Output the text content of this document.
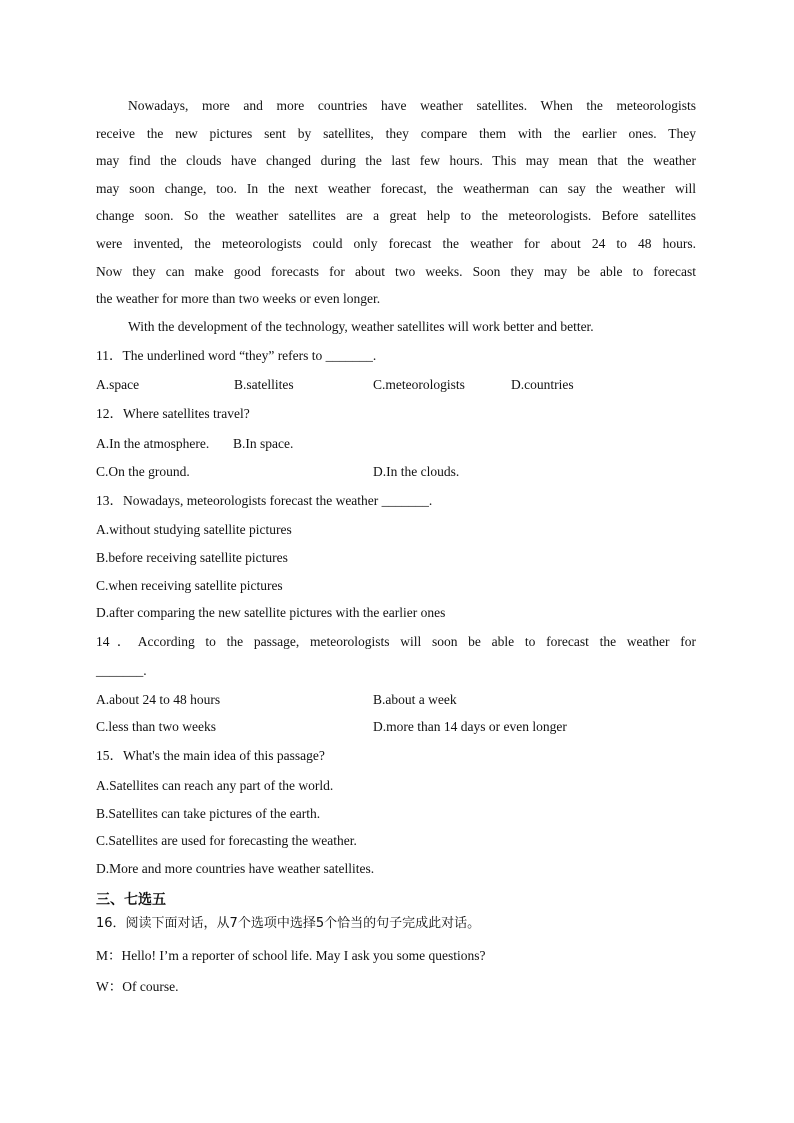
Nowadays, more and more countries have weather satellites. When the meteorologists
receive the new pictures sent by satellites, they compare them with the earlier ones. They
may find the clouds have changed during the last few hours. This may mean that the weather
may soon change, too. In the next weather forecast, the weatherman can say the weather will
change soon. So the weather satellites are a great help to the meteorologists. Before satellites
were invented, the meteorologists could only forecast the weather for about 24 to 48 hours.
Now they can make good forecasts for about two weeks. Soon they may be able to forecast
the weather for more than two weeks or even longer.
With the development of the technology, weather satellites will work better and better.
11．The underlined word “they” refers to _______.
A.space	B.satellites	C.meteorologists	D.countries
12．Where satellites travel?
A.In the atmosphere. B.In space.
C.On the ground.	D.In the clouds.
13．Nowadays, meteorologists forecast the weather _______.
A.without studying satellite pictures
B.before receiving satellite pictures
C.when receiving satellite pictures
D.after comparing the new satellite pictures with the earlier ones
14．According to the passage, meteorologists will soon be able to forecast the weather for
_______.
A.about 24 to 48 hours	B.about a week
C.less than two weeks	D.more than 14 days or even longer
15．What's the main idea of this passage?
A.Satellites can reach any part of the world.
B.Satellites can take pictures of the earth.
C.Satellites are used for forecasting the weather.
D.More and more countries have weather satellites.
三、七选五
16．阅读下面对话，从7个选项中选择5个恰当的句子完成此对话。
M：Hello! I’m a reporter of school life. May I ask you some questions?
W：Of course.
